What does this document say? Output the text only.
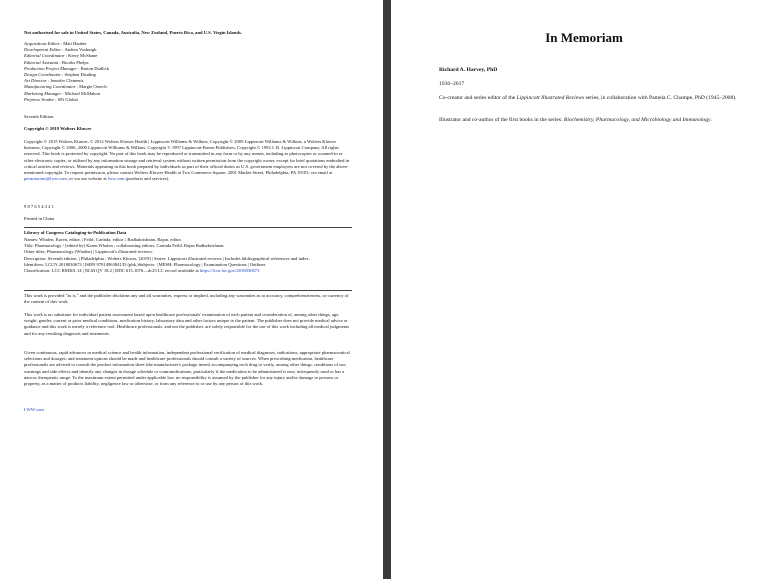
Not authorised for sale in United States, Canada, Australia, New Zealand, Puerto Rico, and U.S. Virgin Islands.
Acquisitions Editor : Matt Hauber
Development Editor : Andrea Vosburgh
Editorial Coordinator : Kerry McShane
Editorial Assistant : Brooks Phelps
Production Project Manager : Barton Dudlick
Design Coordinator : Stephen Druding
Art Director : Jennifer Clements
Manufacturing Coordinator : Margie Orzech
Marketing Manager : Michael McMahon
Prepress Vendor : SPi Global
Seventh Edition
Copyright © 2019 Wolters Kluwer
Copyright © 2015 Wolters Kluwer, © 2012 Wolters Kluwer Health | Lippincott Williams & Wilkins, Copyright © 2009 Lippincott Williams & Wilkins, a Wolters Kluwer business, Copyright © 2006, 2000 Lippincott Williams & Wilkins, Copyright © 1997 Lippincott-Raven Publishers, Copyright © 1992 J. B. Lippincott Company. All rights reserved. This book is protected by copyright. No part of this book may be reproduced or transmitted in any form or by any means, including as photocopies or scanned-in or other electronic copies, or utilized by any information storage and retrieval system without written permission from the copyright owner, except for brief quotations embodied in critical articles and reviews. Materials appearing in this book prepared by individuals as part of their official duties as U.S. government employees are not covered by the above-mentioned copyright. To request permission, please contact Wolters Kluwer Health at Two Commerce Square, 2001 Market Street, Philadelphia, PA 19103, via email at permissions@lww.com, or via our website at lww.com (products and services).
9 8 7 6 5 4 3 2 1
Printed in China
Library of Congress Cataloging-in-Publication Data
Names: Whalen, Karen, editor. | Feild, Carinda, editor. | Radhakrishnan, Rajan, editor.
Title: Pharmacology / [edited by] Karen Whalen ; collaborating editors, Carinda Feild, Rajan Radhakrishnan.
Other titles: Pharmacology (Whalen) | Lippincott's illustrated reviews.
Description: Seventh edition. | Philadelphia : Wolters Kluwer, [2019] | Series: Lippincott illustrated reviews | Includes bibliographical references and index.
Identifiers: LCCN 2018030673 | ISBN 9781496384133 (pbk.)Subjects: | MESH: Pharmacology | Examination Questions | Outlines
Classification: LCC RM301.14 | NLM QV 18.2 | DDC 615.1076—dc23 LC record available at https://lccn.loc.gov/2018030673
This work is provided "as is," and the publisher disclaims any and all warranties, express or implied, including any warranties as to accuracy, comprehensiveness, or currency of the content of this work.
This work is no substitute for individual patient assessment based upon healthcare professionals' examination of each patient and consideration of, among other things, age, weight, gender, current or prior medical conditions, medication history, laboratory data and other factors unique to the patient. The publisher does not provide medical advice or guidance and this work is merely a reference tool. Healthcare professionals, and not the publisher, are solely responsible for the use of this work including all medical judgments and for any resulting diagnosis and treatments.
Given continuous, rapid advances in medical science and health information, independent professional verification of medical diagnoses, indications, appropriate pharmaceutical selections and dosages, and treatment options should be made and healthcare professionals should consult a variety of sources. When prescribing medication, healthcare professionals are advised to consult the product information sheet (the manufacturer's package insert) accompanying each drug to verify, among other things, conditions of use, warnings and side effects and identify any changes in dosage schedule or contraindications, particularly if the medication to be administered is new, infrequently used or has a narrow therapeutic range. To the maximum extent permitted under applicable law, no responsibility is assumed by the publisher for any injury and/or damage to persons or property, as a matter of products liability, negligence law or otherwise, or from any reference to or use by any person of this work.
LWW.com
In Memoriam
Richard A. Harvey, PhD
1936–2017
Co-creator and series editor of the Lippincott Illustrated Reviews series, in collaboration with Pamela C. Champe, PhD (1945–2008).
Illustrator and co-author of the first books in the series: Biochemistry, Pharmacology, and Microbiology and Immunology.
